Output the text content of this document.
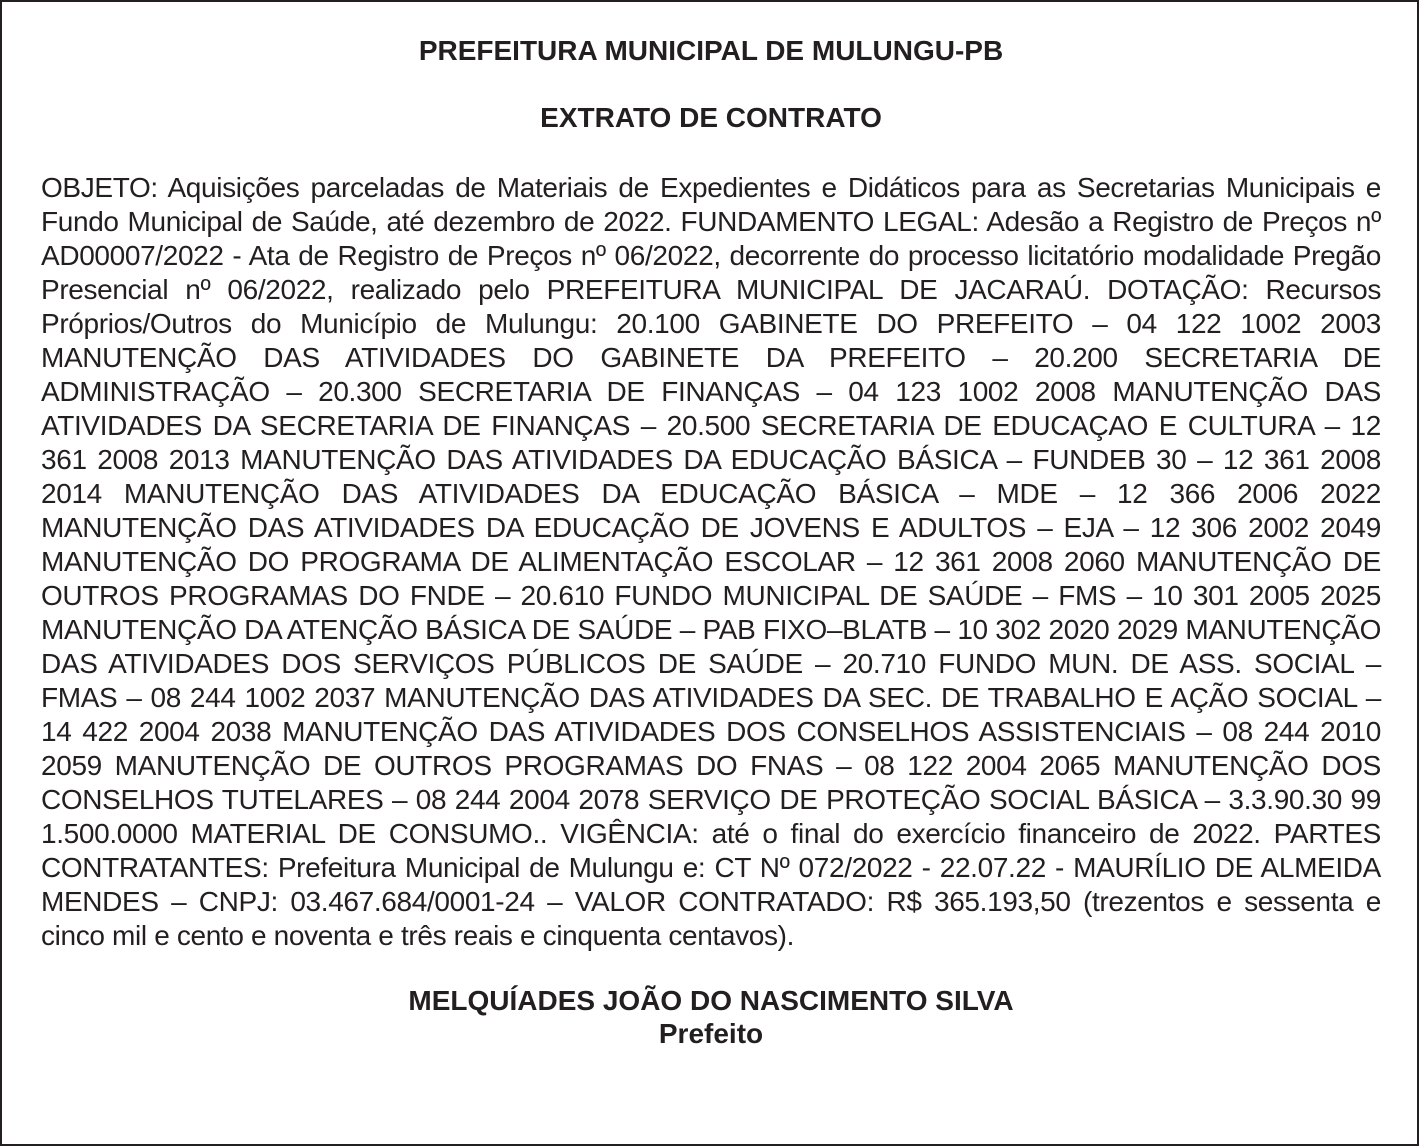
PREFEITURA MUNICIPAL DE MULUNGU-PB

EXTRATO DE CONTRATO

OBJETO: Aquisições parceladas de Materiais de Expedientes e Didáticos para as Secretarias Municipais e Fundo Municipal de Saúde, até dezembro de 2022. FUNDAMENTO LEGAL: Adesão a Registro de Preços nº AD00007/2022 - Ata de Registro de Preços nº 06/2022, decorrente do processo licitatório modalidade Pregão Presencial nº 06/2022, realizado pelo PREFEITURA MUNICIPAL DE JACARAÚ. DOTAÇÃO: Recursos Próprios/Outros do Município de Mulungu: 20.100 GABINETE DO PREFEITO – 04 122 1002 2003 MANUTENÇÃO DAS ATIVIDADES DO GABINETE DA PREFEITO – 20.200 SECRETARIA DE ADMINISTRAÇÃO – 20.300 SECRETARIA DE FINANÇAS – 04 123 1002 2008 MANUTENÇÃO DAS ATIVIDADES DA SECRETARIA DE FINANÇAS – 20.500 SECRETARIA DE EDUCAÇAO E CULTURA – 12 361 2008 2013 MANUTENÇÃO DAS ATIVIDADES DA EDUCAÇÃO BÁSICA – FUNDEB 30 – 12 361 2008 2014 MANUTENÇÃO DAS ATIVIDADES DA EDUCAÇÃO BÁSICA – MDE – 12 366 2006 2022 MANUTENÇÃO DAS ATIVIDADES DA EDUCAÇÃO DE JOVENS E ADULTOS – EJA – 12 306 2002 2049 MANUTENÇÃO DO PROGRAMA DE ALIMENTAÇÃO ESCOLAR – 12 361 2008 2060 MANUTENÇÃO DE OUTROS PROGRAMAS DO FNDE – 20.610 FUNDO MUNICIPAL DE SAÚDE – FMS – 10 301 2005 2025 MANUTENÇÃO DA ATENÇÃO BÁSICA DE SAÚDE – PAB FIXO–BLATB – 10 302 2020 2029 MANUTENÇÃO DAS ATIVIDADES DOS SERVIÇOS PÚBLICOS DE SAÚDE – 20.710 FUNDO MUN. DE ASS. SOCIAL – FMAS – 08 244 1002 2037 MANUTENÇÃO DAS ATIVIDADES DA SEC. DE TRABALHO E AÇÃO SOCIAL – 14 422 2004 2038 MANUTENÇÃO DAS ATIVIDADES DOS CONSELHOS ASSISTENCIAIS – 08 244 2010 2059 MANUTENÇÃO DE OUTROS PROGRAMAS DO FNAS – 08 122 2004 2065 MANUTENÇÃO DOS CONSELHOS TUTELARES – 08 244 2004 2078 SERVIÇO DE PROTEÇÃO SOCIAL BÁSICA – 3.3.90.30 99 1.500.0000 MATERIAL DE CONSUMO.. VIGÊNCIA: até o final do exercício financeiro de 2022. PARTES CONTRATANTES: Prefeitura Municipal de Mulungu e: CT Nº 072/2022 - 22.07.22 - MAURÍLIO DE ALMEIDA MENDES – CNPJ: 03.467.684/0001-24 – VALOR CONTRATADO: R$ 365.193,50 (trezentos e sessenta e cinco mil e cento e noventa e três reais e cinquenta centavos).

MELQUÍADES JOÃO DO NASCIMENTO SILVA
Prefeito
